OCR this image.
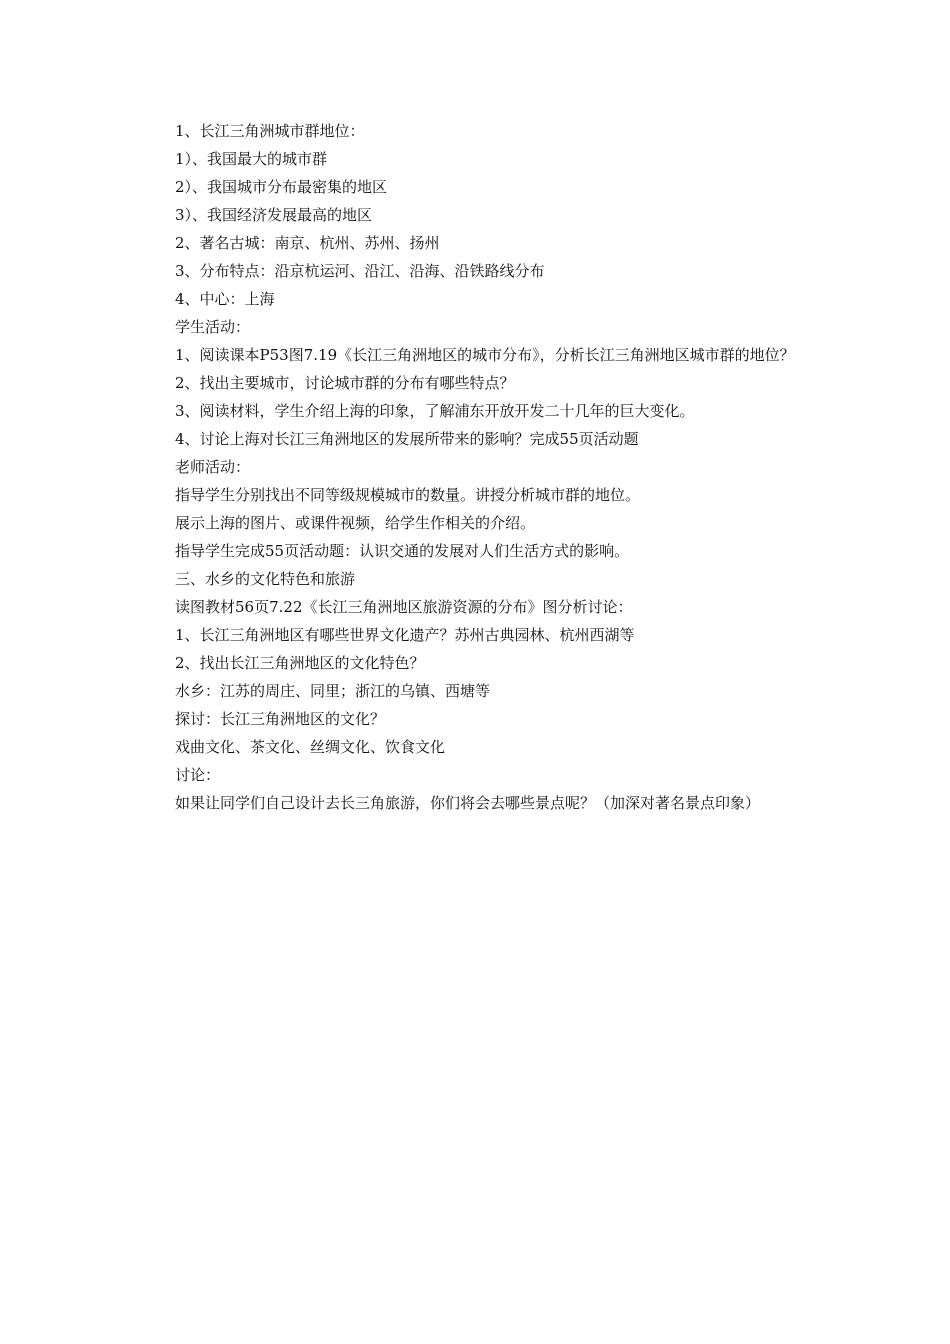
1、长江三角洲城市群地位：
1）、我国最大的城市群
2）、我国城市分布最密集的地区
3）、我国经济发展最高的地区
2、著名古城：南京、杭州、苏州、扬州
3、分布特点：沿京杭运河、沿江、沿海、沿铁路线分布
4、中心：上海
学生活动：
1、阅读课本P53图7.19《长江三角洲地区的城市分布》，分析长江三角洲地区城市群的地位？
2、找出主要城市，讨论城市群的分布有哪些特点？
3、阅读材料，学生介绍上海的印象，了解浦东开放开发二十几年的巨大变化。
4、讨论上海对长江三角洲地区的发展所带来的影响？完成55页活动题
老师活动：
指导学生分别找出不同等级规模城市的数量。讲授分析城市群的地位。
展示上海的图片、或课件视频，给学生作相关的介绍。
指导学生完成55页活动题：认识交通的发展对人们生活方式的影响。
三、水乡的文化特色和旅游
读图教材56页7.22《长江三角洲地区旅游资源的分布》图分析讨论：
1、长江三角洲地区有哪些世界文化遗产？苏州古典园林、杭州西湖等
2、找出长江三角洲地区的文化特色？
水乡：江苏的周庄、同里；浙江的乌镇、西塘等
探讨：长江三角洲地区的文化？
戏曲文化、茶文化、丝绸文化、饮食文化
讨论：
如果让同学们自己设计去长三角旅游，你们将会去哪些景点呢？（加深对著名景点印象）
